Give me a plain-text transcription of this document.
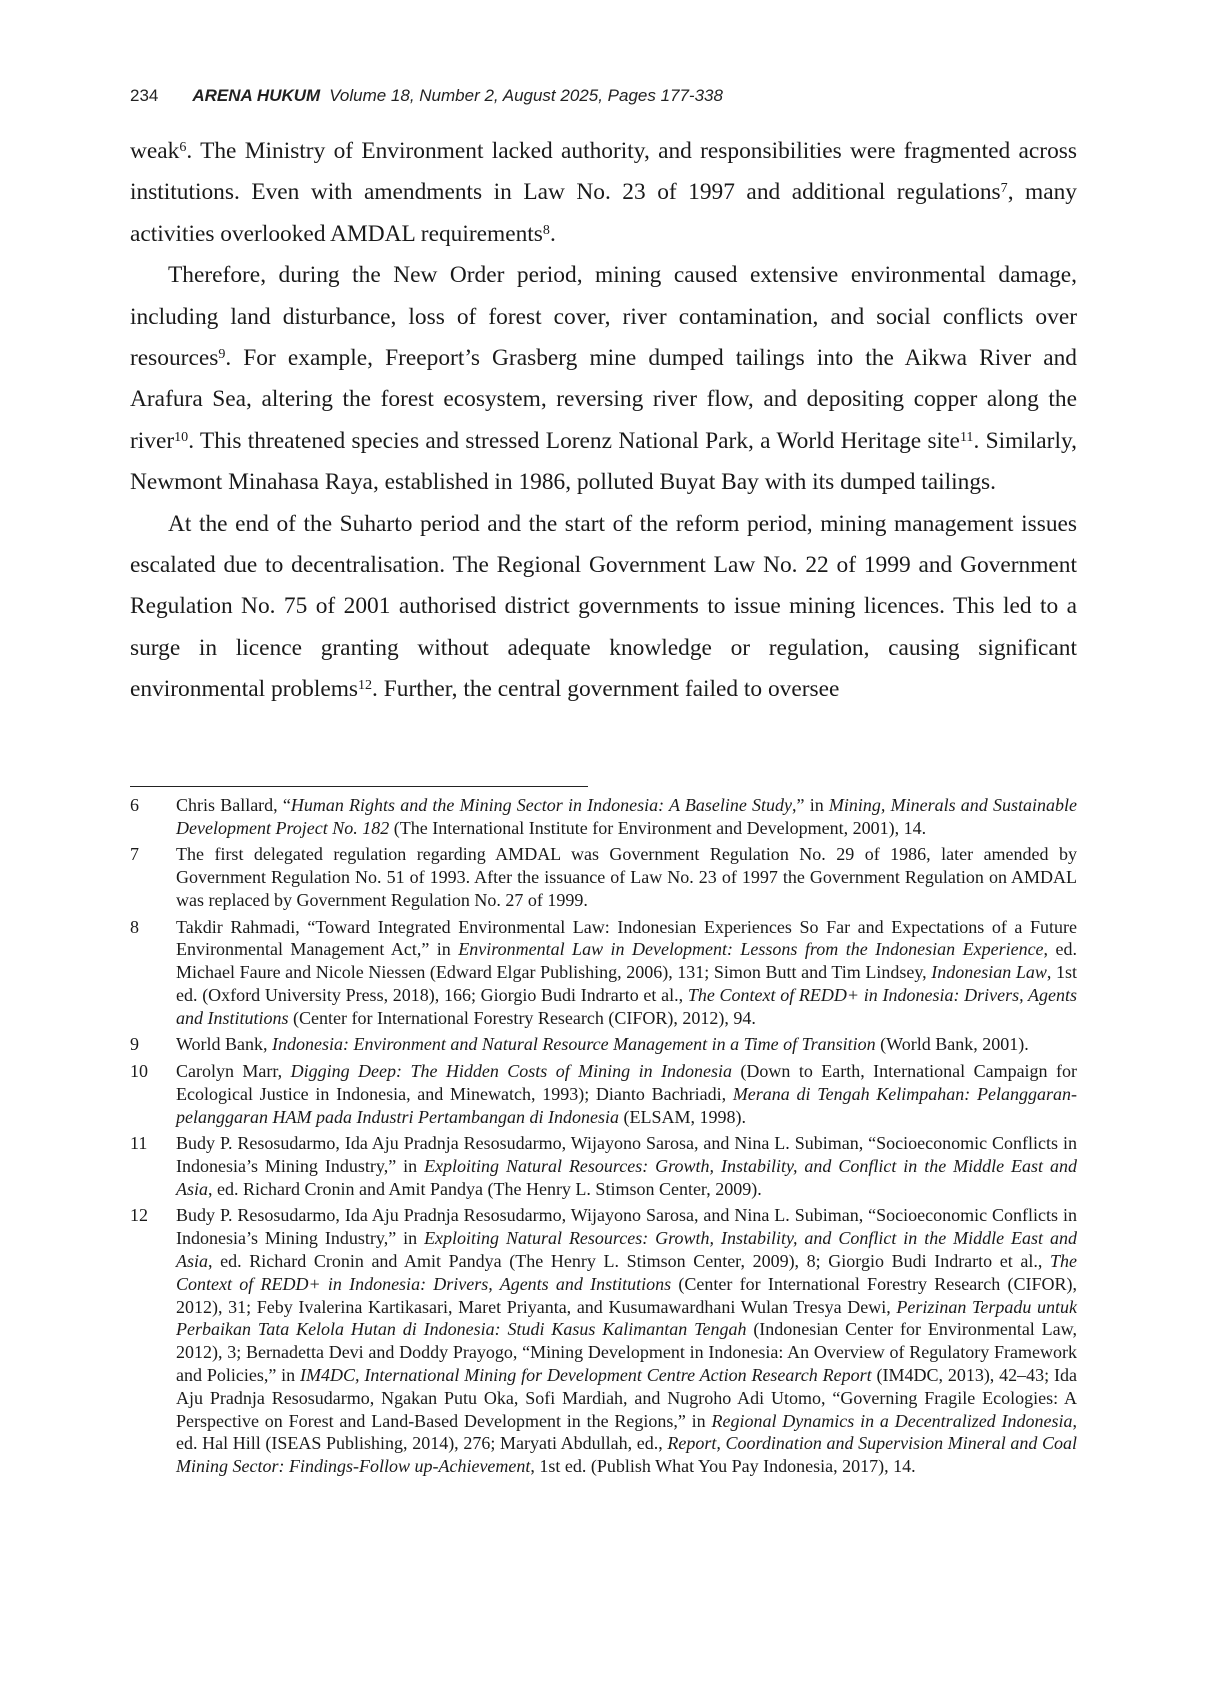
234 ARENA HUKUM Volume 18, Number 2, August 2025, Pages 177-338

weak$^6$. The Ministry of Environment lacked authority, and responsibilities were fragmented across institutions. Even with amendments in Law No. 23 of 1997 and additional regulations$^7$, many activities overlooked AMDAL requirements$^8$.

Therefore, during the New Order period, mining caused extensive environmental damage, including land disturbance, loss of forest cover, river contamination, and social conflicts over resources$^9$. For example, Freeport’s Grasberg mine dumped tailings into the Aikwa River and Arafura Sea, altering the forest ecosystem, reversing river flow, and depositing copper along the river$^{10}$. This threatened species and stressed Lorenz National Park, a World Heritage site$^{11}$. Similarly, Newmont Minahasa Raya, established in 1986, polluted Buyat Bay with its dumped tailings.

At the end of the Suharto period and the start of the reform period, mining management issues escalated due to decentralisation. The Regional Government Law No. 22 of 1999 and Government Regulation No. 75 of 2001 authorised district governments to issue mining licences. This led to a surge in licence granting without adequate knowledge or regulation, causing significant environmental problems$^{12}$. Further, the central government failed to oversee

6 Chris Ballard, “Human Rights and the Mining Sector in Indonesia: A Baseline Study,” in Mining, Minerals and Sustainable Development Project No. 182 (The International Institute for Environment and Development, 2001), 14.
7 The first delegated regulation regarding AMDAL was Government Regulation No. 29 of 1986, later amended by Government Regulation No. 51 of 1993. After the issuance of Law No. 23 of 1997 the Government Regulation on AMDAL was replaced by Government Regulation No. 27 of 1999.
8 Takdir Rahmadi, “Toward Integrated Environmental Law: Indonesian Experiences So Far and Expectations of a Future Environmental Management Act,” in Environmental Law in Development: Lessons from the Indonesian Experience, ed. Michael Faure and Nicole Niessen (Edward Elgar Publishing, 2006), 131; Simon Butt and Tim Lindsey, Indonesian Law, 1st ed. (Oxford University Press, 2018), 166; Giorgio Budi Indrarto et al., The Context of REDD+ in Indonesia: Drivers, Agents and Institutions (Center for International Forestry Research (CIFOR), 2012), 94.
9 World Bank, Indonesia: Environment and Natural Resource Management in a Time of Transition (World Bank, 2001).
10 Carolyn Marr, Digging Deep: The Hidden Costs of Mining in Indonesia (Down to Earth, International Campaign for Ecological Justice in Indonesia, and Minewatch, 1993); Dianto Bachriadi, Merana di Tengah Kelimpahan: Pelanggaran-pelanggaran HAM pada Industri Pertambangan di Indonesia (ELSAM, 1998).
11 Budy P. Resosudarmo, Ida Aju Pradnja Resosudarmo, Wijayono Sarosa, and Nina L. Subiman, “Socioeconomic Conflicts in Indonesia’s Mining Industry,” in Exploiting Natural Resources: Growth, Instability, and Conflict in the Middle East and Asia, ed. Richard Cronin and Amit Pandya (The Henry L. Stimson Center, 2009).
12 Budy P. Resosudarmo, Ida Aju Pradnja Resosudarmo, Wijayono Sarosa, and Nina L. Subiman, “Socioeconomic Conflicts in Indonesia’s Mining Industry,” in Exploiting Natural Resources: Growth, Instability, and Conflict in the Middle East and Asia, ed. Richard Cronin and Amit Pandya (The Henry L. Stimson Center, 2009), 8; Giorgio Budi Indrarto et al., The Context of REDD+ in Indonesia: Drivers, Agents and Institutions (Center for International Forestry Research (CIFOR), 2012), 31; Feby Ivalerina Kartikasari, Maret Priyanta, and Kusumawardhani Wulan Tresya Dewi, Perizinan Terpadu untuk Perbaikan Tata Kelola Hutan di Indonesia: Studi Kasus Kalimantan Tengah (Indonesian Center for Environmental Law, 2012), 3; Bernadetta Devi and Doddy Prayogo, “Mining Development in Indonesia: An Overview of Regulatory Framework and Policies,” in IM4DC, International Mining for Development Centre Action Research Report (IM4DC, 2013), 42–43; Ida Aju Pradnja Resosudarmo, Ngakan Putu Oka, Sofi Mardiah, and Nugroho Adi Utomo, “Governing Fragile Ecologies: A Perspective on Forest and Land-Based Development in the Regions,” in Regional Dynamics in a Decentralized Indonesia, ed. Hal Hill (ISEAS Publishing, 2014), 276; Maryati Abdullah, ed., Report, Coordination and Supervision Mineral and Coal Mining Sector: Findings-Follow up-Achievement, 1st ed. (Publish What You Pay Indonesia, 2017), 14.
